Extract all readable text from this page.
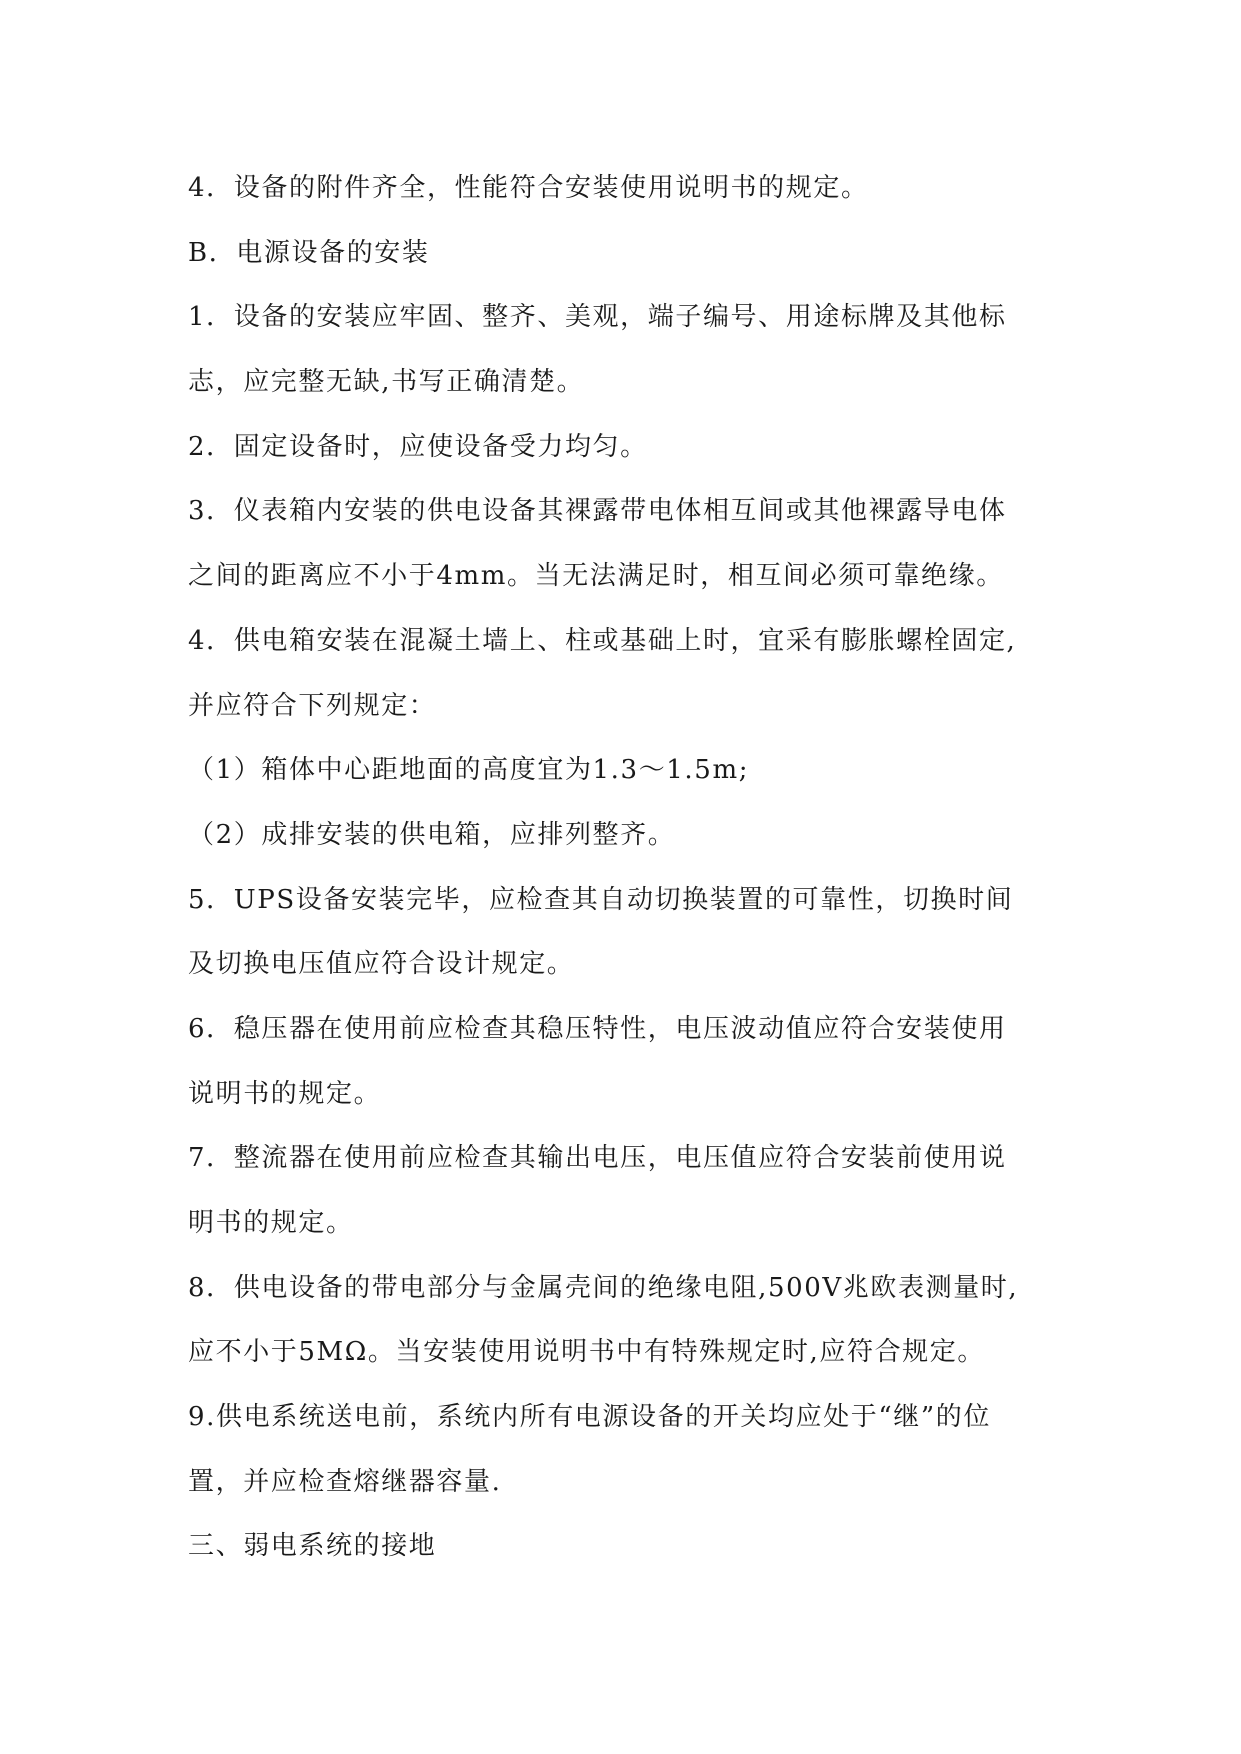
4．设备的附件齐全，性能符合安装使用说明书的规定。
B．电源设备的安装
1．设备的安装应牢固、整齐、美观，端子编号、用途标牌及其他标
志，应完整无缺,书写正确清楚。
2．固定设备时，应使设备受力均匀。
3．仪表箱内安装的供电设备其裸露带电体相互间或其他裸露导电体
之间的距离应不小于4mm。当无法满足时，相互间必须可靠绝缘。
4．供电箱安装在混凝土墙上、柱或基础上时，宜采有膨胀螺栓固定,
并应符合下列规定：
（1）箱体中心距地面的高度宜为1.3～1.5m;
（2）成排安装的供电箱，应排列整齐。
5．UPS设备安装完毕，应检查其自动切换装置的可靠性，切换时间
及切换电压值应符合设计规定。
6．稳压器在使用前应检查其稳压特性，电压波动值应符合安装使用
说明书的规定。
7．整流器在使用前应检查其输出电压，电压值应符合安装前使用说
明书的规定。
8．供电设备的带电部分与金属壳间的绝缘电阻,500V兆欧表测量时,
应不小于5MΩ。当安装使用说明书中有特殊规定时,应符合规定。
9.供电系统送电前，系统内所有电源设备的开关均应处于“继”的位
置，并应检查熔继器容量.
三、弱电系统的接地
